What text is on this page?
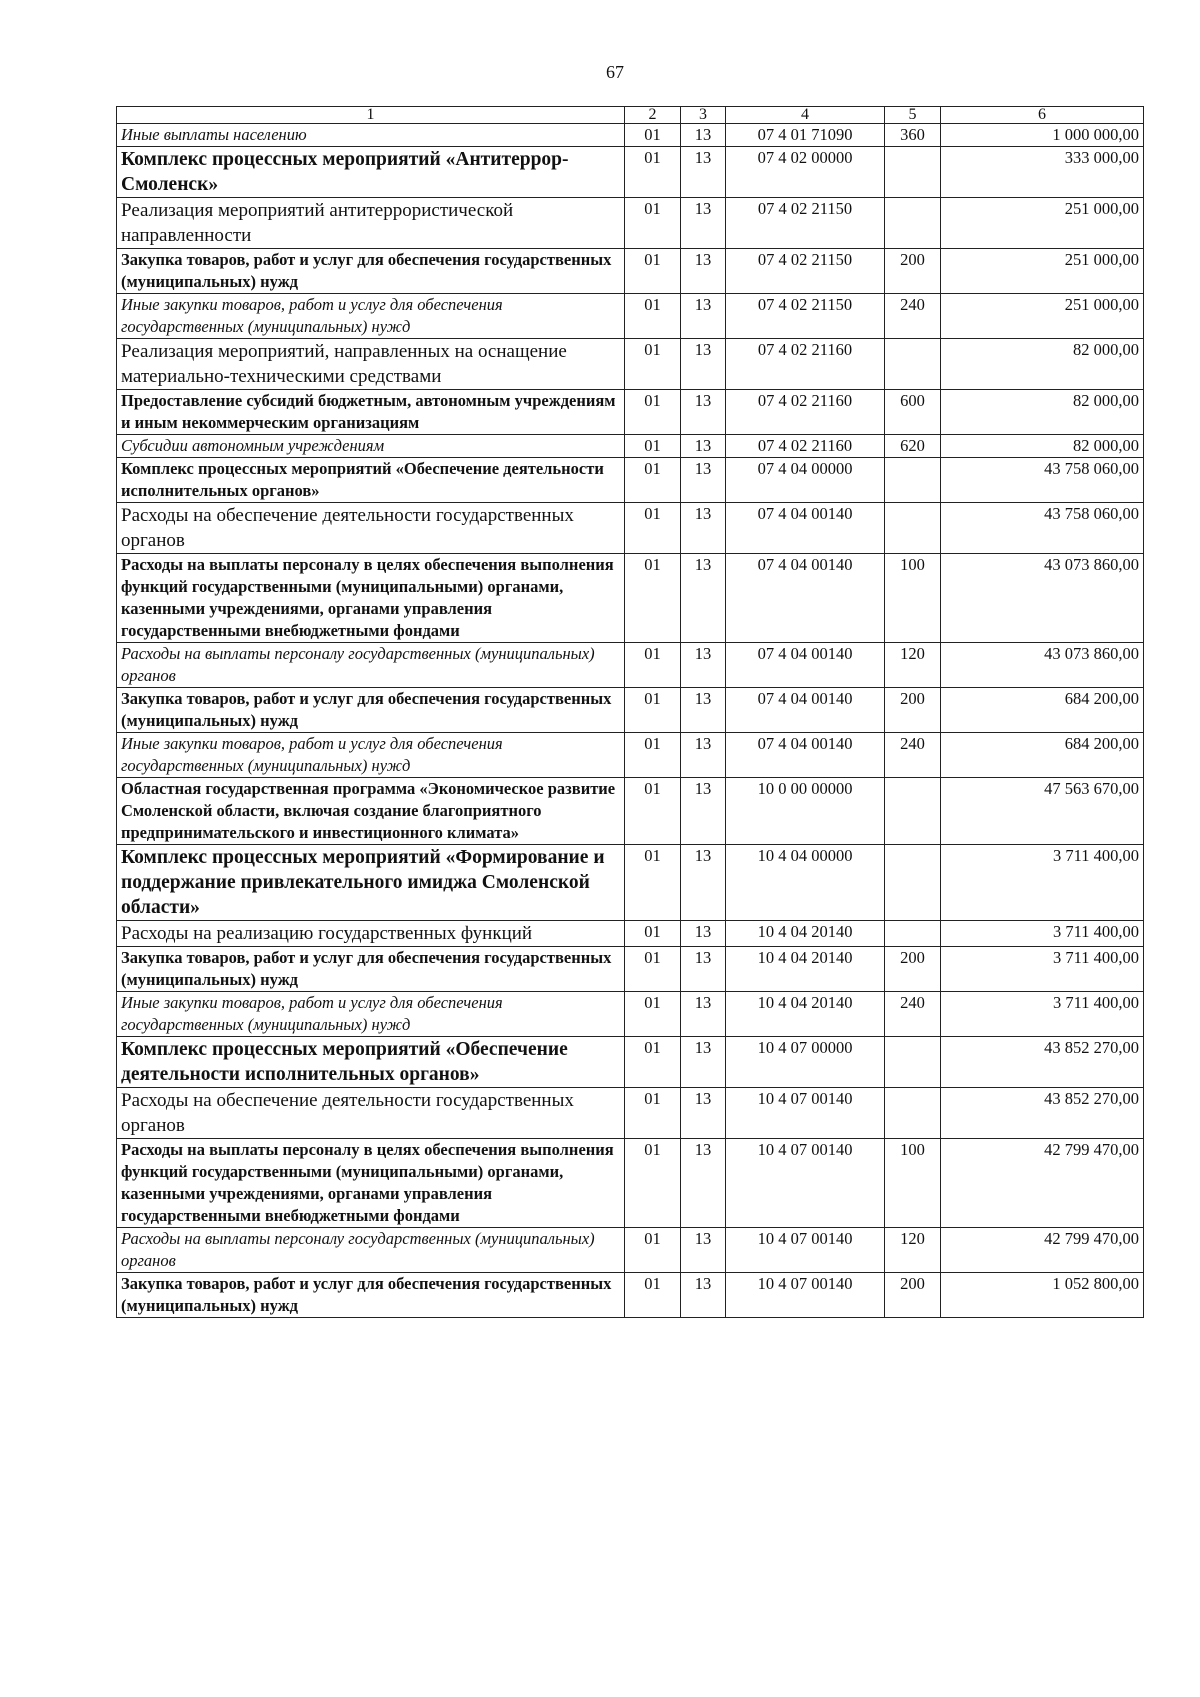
67
1	2	3	4	5	6
Иные выплаты населению	01	13	07 4 01 71090	360	1 000 000,00
Комплекс процессных мероприятий «Антитеррор-Смоленск»	01	13	07 4 02 00000		333 000,00
Реализация мероприятий антитеррористической направленности	01	13	07 4 02 21150		251 000,00
Закупка товаров, работ и услуг для обеспечения государственных (муниципальных) нужд	01	13	07 4 02 21150	200	251 000,00
Иные закупки товаров, работ и услуг для обеспечения государственных (муниципальных) нужд	01	13	07 4 02 21150	240	251 000,00
Реализация мероприятий, направленных на оснащение материально-техническими средствами	01	13	07 4 02 21160		82 000,00
Предоставление субсидий бюджетным, автономным учреждениям и иным некоммерческим организациям	01	13	07 4 02 21160	600	82 000,00
Субсидии автономным учреждениям	01	13	07 4 02 21160	620	82 000,00
Комплекс процессных мероприятий «Обеспечение деятельности исполнительных органов»	01	13	07 4 04 00000		43 758 060,00
Расходы на обеспечение деятельности государственных органов	01	13	07 4 04 00140		43 758 060,00
Расходы на выплаты персоналу в целях обеспечения выполнения функций государственными (муниципальными) органами, казенными учреждениями, органами управления государственными внебюджетными фондами	01	13	07 4 04 00140	100	43 073 860,00
Расходы на выплаты персоналу государственных (муниципальных) органов	01	13	07 4 04 00140	120	43 073 860,00
Закупка товаров, работ и услуг для обеспечения государственных (муниципальных) нужд	01	13	07 4 04 00140	200	684 200,00
Иные закупки товаров, работ и услуг для обеспечения государственных (муниципальных) нужд	01	13	07 4 04 00140	240	684 200,00
Областная государственная программа «Экономическое развитие Смоленской области, включая создание благоприятного предпринимательского и инвестиционного климата»	01	13	10 0 00 00000		47 563 670,00
Комплекс процессных мероприятий «Формирование и поддержание привлекательного имиджа Смоленской области»	01	13	10 4 04 00000		3 711 400,00
Расходы на реализацию государственных функций	01	13	10 4 04 20140		3 711 400,00
Закупка товаров, работ и услуг для обеспечения государственных (муниципальных) нужд	01	13	10 4 04 20140	200	3 711 400,00
Иные закупки товаров, работ и услуг для обеспечения государственных (муниципальных) нужд	01	13	10 4 04 20140	240	3 711 400,00
Комплекс процессных мероприятий «Обеспечение деятельности исполнительных органов»	01	13	10 4 07 00000		43 852 270,00
Расходы на обеспечение деятельности государственных органов	01	13	10 4 07 00140		43 852 270,00
Расходы на выплаты персоналу в целях обеспечения выполнения функций государственными (муниципальными) органами, казенными учреждениями, органами управления государственными внебюджетными фондами	01	13	10 4 07 00140	100	42 799 470,00
Расходы на выплаты персоналу государственных (муниципальных) органов	01	13	10 4 07 00140	120	42 799 470,00
Закупка товаров, работ и услуг для обеспечения государственных (муниципальных) нужд	01	13	10 4 07 00140	200	1 052 800,00
